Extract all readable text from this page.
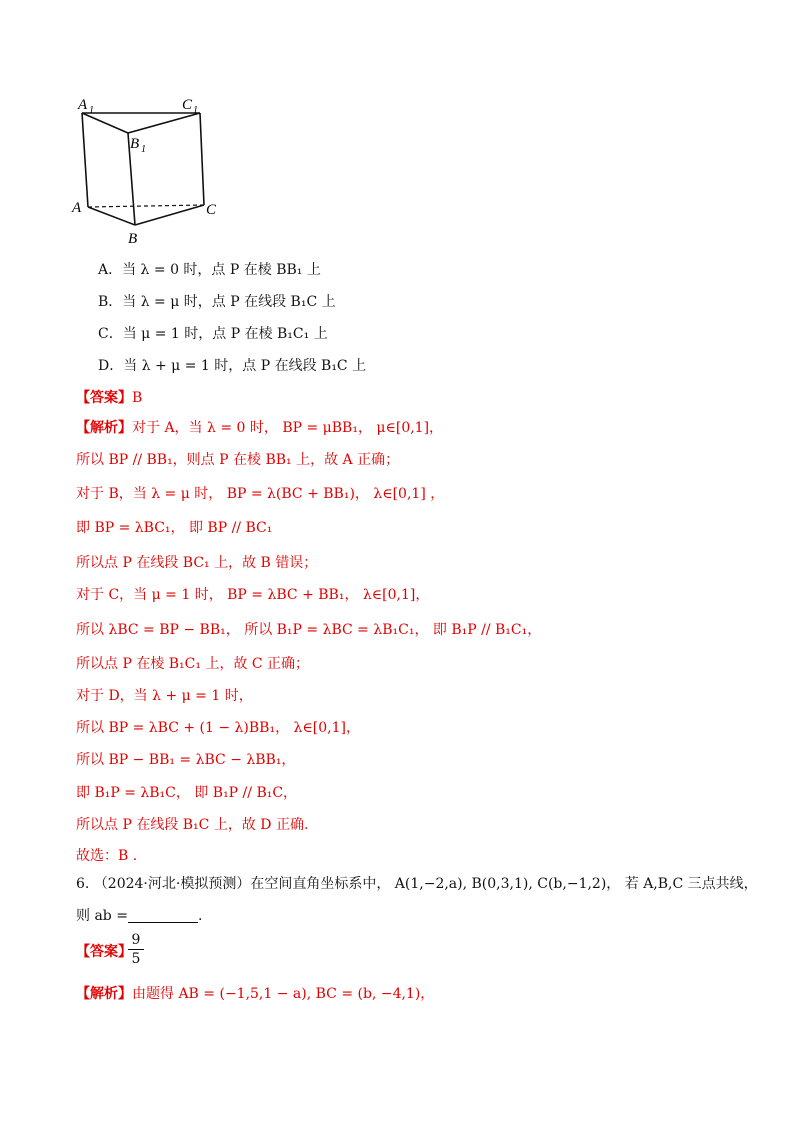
A 1	C 1
B 1
A	C
B
A．当 λ = 0 时，点 P 在棱 BB₁ 上
B．当 λ = μ 时，点 P 在线段 B₁C 上
C．当 μ = 1 时，点 P 在棱 B₁C₁ 上
D．当 λ + μ = 1 时，点 P 在线段 B₁C 上
【答案】B
【解析】对于 A，当 λ = 0 时， BP = μBB₁， μ∈[0,1]，
所以 BP // BB₁，则点 P 在棱 BB₁ 上，故 A 正确；
对于 B，当 λ = μ 时， BP = λ(BC + BB₁)， λ∈[0,1] ，
即 BP = λBC₁， 即 BP // BC₁
所以点 P 在线段 BC₁ 上，故 B 错误；
对于 C，当 μ = 1 时， BP = λBC + BB₁， λ∈[0,1]，
所以 λBC = BP − BB₁， 所以 B₁P = λBC = λB₁C₁， 即 B₁P // B₁C₁，
所以点 P 在棱 B₁C₁ 上，故 C 正确；
对于 D，当 λ + μ = 1 时，
所以 BP = λBC + (1 − λ)BB₁， λ∈[0,1]，
所以 BP − BB₁ = λBC − λBB₁，
即 B₁P = λB₁C， 即 B₁P // B₁C，
所以点 P 在线段 B₁C 上，故 D 正确.
故选：B .
6. （2024·河北·模拟预测）在空间直角坐标系中， A(1,−2,a), B(0,3,1), C(b,−1,2)， 若 A,B,C 三点共线，
则 ab =	.
【答案】
9
5
【解析】由题得 AB = (−1,5,1 − a), BC = (b, −4,1)，
